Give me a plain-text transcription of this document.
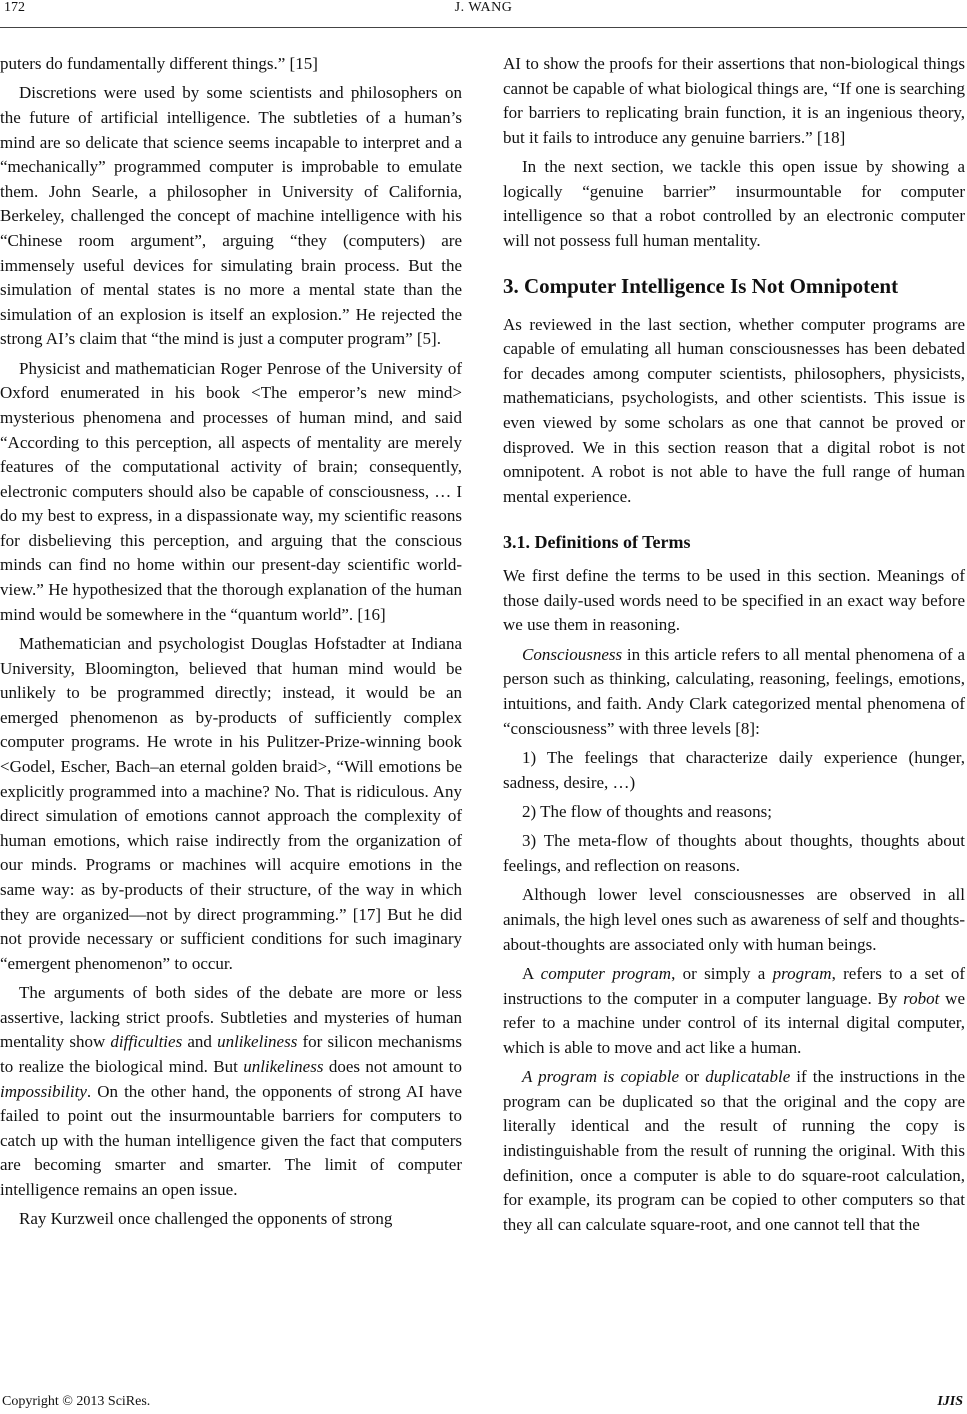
172	J. WANG

puters do fundamentally different things.” [15]

Discretions were used by some scientists and philosophers on the future of artificial intelligence. The subtleties of a human’s mind are so delicate that science seems incapable to interpret and a “mechanically” programmed computer is improbable to emulate them. John Searle, a philosopher in University of California, Berkeley, challenged the concept of machine intelligence with his “Chinese room argument”, arguing “they (computers) are immensely useful devices for simulating brain process. But the simulation of mental states is no more a mental state than the simulation of an explosion is itself an explosion.” He rejected the strong AI’s claim that “the mind is just a computer program” [5].

Physicist and mathematician Roger Penrose of the University of Oxford enumerated in his book <The emperor’s new mind> mysterious phenomena and processes of human mind, and said “According to this perception, all aspects of mentality are merely features of the computational activity of brain; consequently, electronic computers should also be capable of consciousness, … I do my best to express, in a dispassionate way, my scientific reasons for disbelieving this perception, and arguing that the conscious minds can find no home within our present-day scientific world-view.” He hypothesized that the thorough explanation of the human mind would be somewhere in the “quantum world”. [16]

Mathematician and psychologist Douglas Hofstadter at Indiana University, Bloomington, believed that human mind would be unlikely to be programmed directly; instead, it would be an emerged phenomenon as by-products of sufficiently complex computer programs. He wrote in his Pulitzer-Prize-winning book <Godel, Escher, Bach–an eternal golden braid>, “Will emotions be explicitly programmed into a machine? No. That is ridiculous. Any direct simulation of emotions cannot approach the complexity of human emotions, which raise indirectly from the organization of our minds. Programs or machines will acquire emotions in the same way: as by-products of their structure, of the way in which they are organized—not by direct programming.” [17] But he did not provide necessary or sufficient conditions for such imaginary “emergent phenomenon” to occur.

The arguments of both sides of the debate are more or less assertive, lacking strict proofs. Subtleties and mysteries of human mentality show difficulties and unlikeliness for silicon mechanisms to realize the biological mind. But unlikeliness does not amount to impossibility. On the other hand, the opponents of strong AI have failed to point out the insurmountable barriers for computers to catch up with the human intelligence given the fact that computers are becoming smarter and smarter. The limit of computer intelligence remains an open issue.

Ray Kurzweil once challenged the opponents of strong

AI to show the proofs for their assertions that non-biological things cannot be capable of what biological things are, “If one is searching for barriers to replicating brain function, it is an ingenious theory, but it fails to introduce any genuine barriers.” [18]

In the next section, we tackle this open issue by showing a logically “genuine barrier” insurmountable for computer intelligence so that a robot controlled by an electronic computer will not possess full human mentality.

3. Computer Intelligence Is Not Omnipotent

As reviewed in the last section, whether computer programs are capable of emulating all human consciousnesses has been debated for decades among computer scientists, philosophers, physicists, mathematicians, psychologists, and other scientists. This issue is even viewed by some scholars as one that cannot be proved or disproved. We in this section reason that a digital robot is not omnipotent. A robot is not able to have the full range of human mental experience.

3.1. Definitions of Terms

We first define the terms to be used in this section. Meanings of those daily-used words need to be specified in an exact way before we use them in reasoning.

Consciousness in this article refers to all mental phenomena of a person such as thinking, calculating, reasoning, feelings, emotions, intuitions, and faith. Andy Clark categorized mental phenomena of “consciousness” with three levels [8]:

1) The feelings that characterize daily experience (hunger, sadness, desire, …)

2) The flow of thoughts and reasons;

3) The meta-flow of thoughts about thoughts, thoughts about feelings, and reflection on reasons.

Although lower level consciousnesses are observed in all animals, the high level ones such as awareness of self and thoughts-about-thoughts are associated only with human beings.

A computer program, or simply a program, refers to a set of instructions to the computer in a computer language. By robot we refer to a machine under control of its internal digital computer, which is able to move and act like a human.

A program is copiable or duplicatable if the instructions in the program can be duplicated so that the original and the copy are literally identical and the result of running the copy is indistinguishable from the result of running the original. With this definition, once a computer is able to do square-root calculation, for example, its program can be copied to other computers so that they all can calculate square-root, and one cannot tell that the

Copyright © 2013 SciRes.	IJIS
